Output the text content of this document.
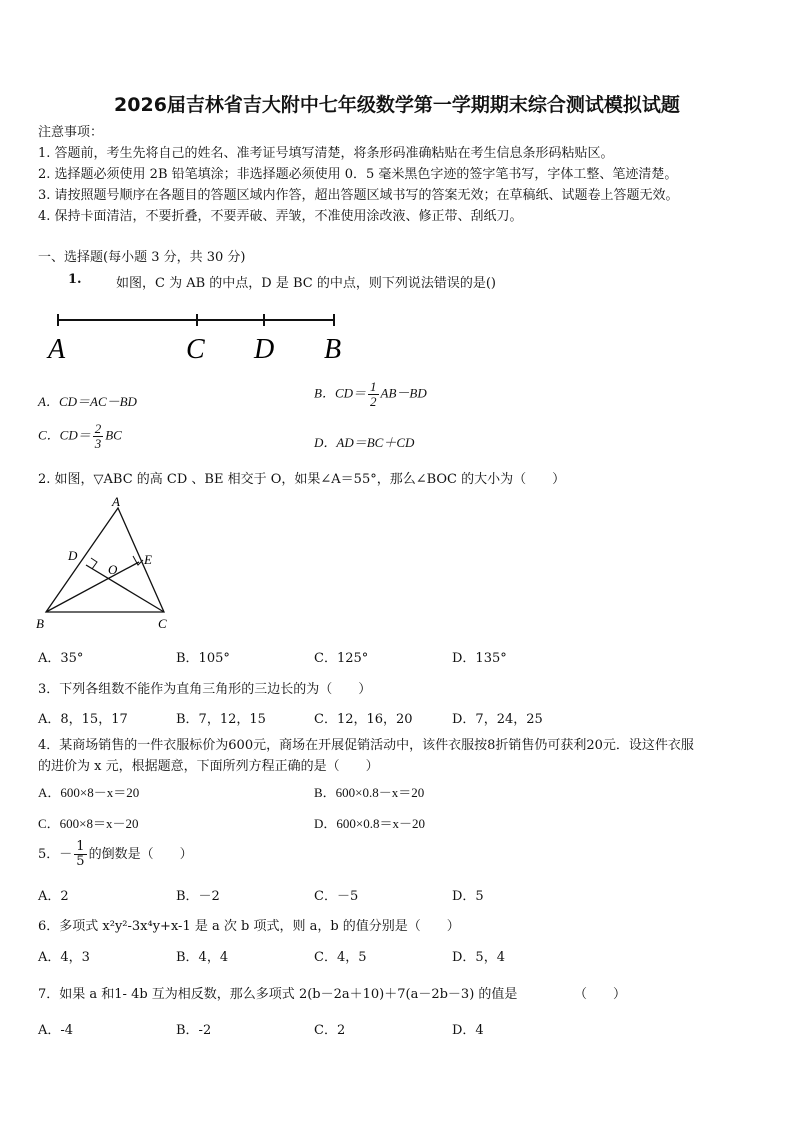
2026届吉林省吉大附中七年级数学第一学期期末综合测试模拟试题
注意事项：
1. 答题前，考生先将自己的姓名、准考证号填写清楚，将条形码准确粘贴在考生信息条形码粘贴区。
2. 选择题必须使用 2B 铅笔填涂；非选择题必须使用 0．5 毫米黑色字迹的签字笔书写，字体工整、笔迹清楚。
3. 请按照题号顺序在各题目的答题区域内作答，超出答题区域书写的答案无效；在草稿纸、试题卷上答题无效。
4. 保持卡面清洁，不要折叠，不要弄破、弄皱，不准使用涂改液、修正带、刮纸刀。
一、选择题(每小题 3 分，共 30 分)
1.	如图，C 为 AB 的中点，D 是 BC 的中点，则下列说法错误的是()
A	C D B
A．CD＝AC－BD
B．$CD= \frac{1}{2} AB-BD$
C．$CD= \frac{2}{3}$ BC
D．AD＝BC＋CD
2. 如图，▽ABC 的高 CD 、BE 相交于 O，如果∠A＝55°，那么∠BOC 的大小为（　　）
A
D	E
O
B	C
A．35°	B．105°	C．125°	D．135°
3．下列各组数不能作为直角三角形的三边长的为（　　）
A．8，15，17	B．7，12，15	C．12，16，20	D．7，24，25
4．某商场销售的一件衣服标价为600元，商场在开展促销活动中，该件衣服按8折销售仍可获利20元．设这件衣服
的进价为 x 元，根据题意，下面所列方程正确的是（　　）
A．600×8－x＝20	B．600×0.8－x＝20
C．600×8＝x－20	D．600×0.8＝x－20
5．－ $\frac{1}{5}$ 的倒数是（　　）
A．2	B．－2	C．－5	D．5
6．多项式 x²y²-3x⁴y+x-1 是 a 次 b 项式，则 a，b 的值分别是（　　）
A．4，3	B．4，4	C．4，5	D．5，4
7．如果 a 和1- 4b 互为相反数，那么多项式 2(b－2a＋10)＋7(a－2b－3) 的值是	（　　）
A．-4	B．-2	C．2	D．4
